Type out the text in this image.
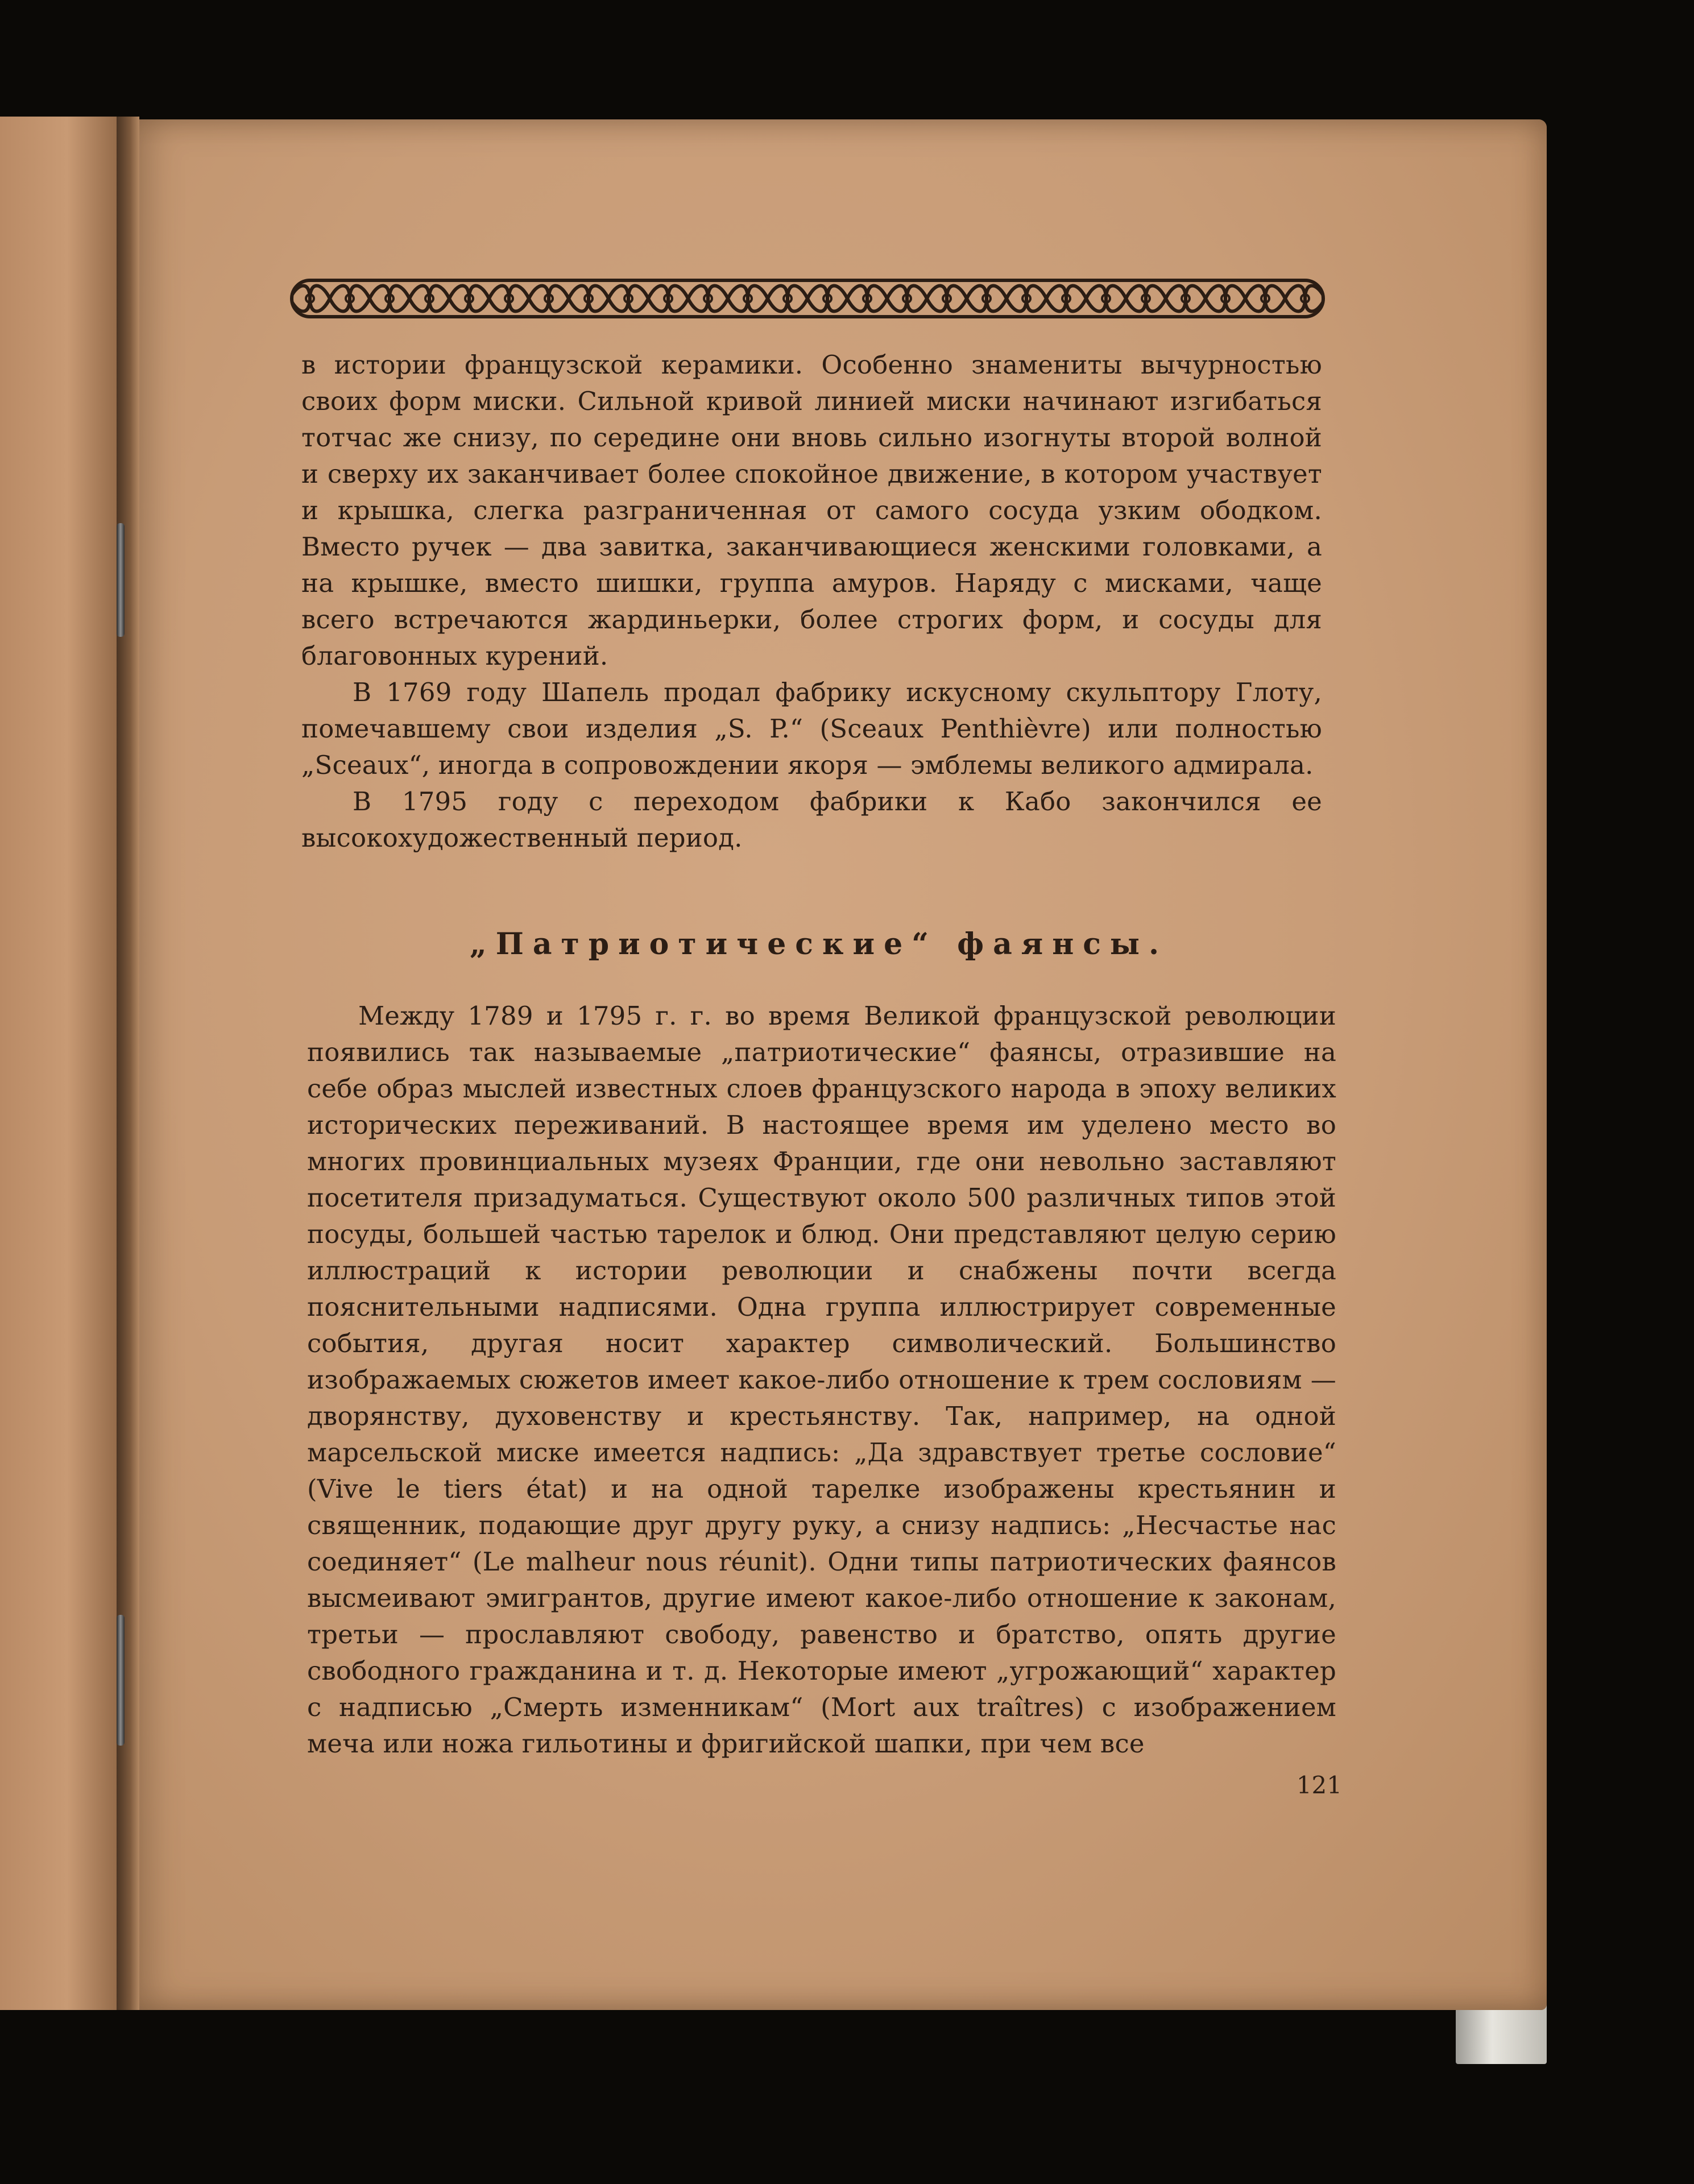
в истории французской керамики. Особенно знамениты вычурностью своих форм миски. Сильной кривой линией миски начинают изгибаться тотчас же снизу, по середине они вновь сильно изогнуты второй волной и сверху их заканчивает более спокойное движение, в котором участвует и крышка, слегка разграниченная от самого сосуда узким ободком. Вместо ручек — два завитка, заканчивающиеся женскими головками, а на крышке, вместо шишки, группа амуров. Наряду с мисками, чаще всего встречаются жардиньерки, более строгих форм, и сосуды для благовонных курений.

В 1769 году Шапель продал фабрику искусному скульптору Глоту, помечавшему свои изделия „S. P.“ (Sceaux Penthièvre) или полностью „Sceaux“, иногда в сопровождении якоря — эмблемы великого адмирала.

В 1795 году с переходом фабрики к Кабо закончился ее высокохудожественный период.

„Патриотические“ фаянсы.

Между 1789 и 1795 г. г. во время Великой французской революции появились так называемые „патриотические“ фаянсы, отразившие на себе образ мыслей известных слоев французского народа в эпоху великих исторических переживаний. В настоящее время им уделено место во многих провинциальных музеях Франции, где они невольно заставляют посетителя призадуматься. Существуют около 500 различных типов этой посуды, большей частью тарелок и блюд. Они представляют целую серию иллюстраций к истории революции и снабжены почти всегда пояснительными надписями. Одна группа иллюстрирует современные события, другая носит характер символический. Большинство изображаемых сюжетов имеет какое-либо отношение к трем сословиям — дворянству, духовенству и крестьянству. Так, например, на одной марсельской миске имеется надпись: „Да здравствует третье сословие“ (Vive le tiers état) и на одной тарелке изображены крестьянин и священник, подающие друг другу руку, а снизу надпись: „Несчастье нас соединяет“ (Le malheur nous réunit). Одни типы патриотических фаянсов высмеивают эмигрантов, другие имеют какое-либо отношение к законам, третьи — прославляют свободу, равенство и братство, опять другие свободного гражданина и т. д. Некоторые имеют „угрожающий“ характер с надписью „Смерть изменникам“ (Mort aux traîtres) с изображением меча или ножа гильотины и фригийской шапки, при чем все

121
